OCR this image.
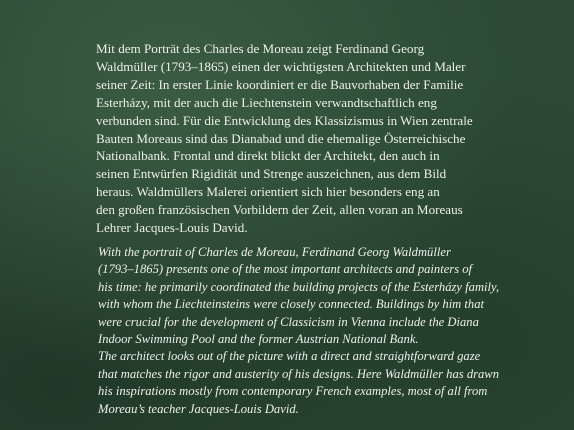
Mit dem Porträt des Charles de Moreau zeigt Ferdinand Georg
Waldmüller (1793–1865) einen der wichtigsten Architekten und Maler
seiner Zeit: In erster Linie koordiniert er die Bauvorhaben der Familie
Esterházy, mit der auch die Liechtenstein verwandtschaftlich eng
verbunden sind. Für die Entwicklung des Klassizismus in Wien zentrale
Bauten Moreaus sind das Dianabad und die ehemalige Österreichische
Nationalbank. Frontal und direkt blickt der Architekt, den auch in
seinen Entwürfen Rigidität und Strenge auszeichnen, aus dem Bild
heraus. Waldmüllers Malerei orientiert sich hier besonders eng an
den großen französischen Vorbildern der Zeit, allen voran an Moreaus
Lehrer Jacques-Louis David.

With the portrait of Charles de Moreau, Ferdinand Georg Waldmüller
(1793–1865) presents one of the most important architects and painters of
his time: he primarily coordinated the building projects of the Esterházy family,
with whom the Liechteinsteins were closely connected. Buildings by him that
were crucial for the development of Classicism in Vienna include the Diana
Indoor Swimming Pool and the former Austrian National Bank.
The architect looks out of the picture with a direct and straightforward gaze
that matches the rigor and austerity of his designs. Here Waldmüller has drawn
his inspirations mostly from contemporary French examples, most of all from
Moreau’s teacher Jacques-Louis David.
